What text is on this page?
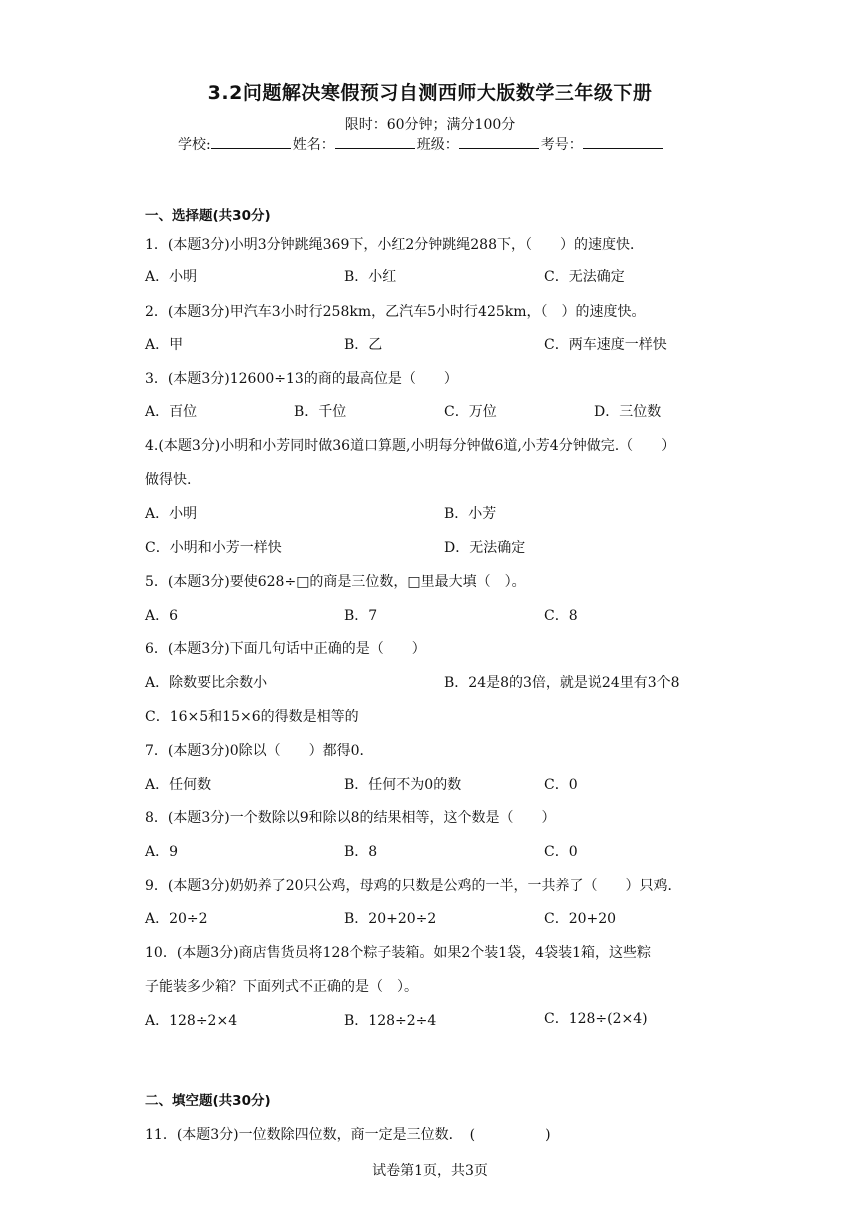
3.2问题解决寒假预习自测西师大版数学三年级下册
限时：60分钟；满分100分
学校:	姓名：	班级：	考号：
一、选择题(共30分)
1．(本题3分)小明3分钟跳绳369下，小红2分钟跳绳288下，（　　）的速度快．
A．小明	B．小红	C．无法确定
2．(本题3分)甲汽车3小时行258km，乙汽车5小时行425km，（　）的速度快。
A．甲	B．乙	C．两车速度一样快
3．(本题3分)12600÷13的商的最高位是（　　）
A．百位	B．千位	C．万位	D．三位数
4.(本题3分)小明和小芳同时做36道口算题,小明每分钟做6道,小芳4分钟做完.（　　）
做得快.
A．小明	B．小芳
C．小明和小芳一样快	D．无法确定
5．(本题3分)要使628÷□的商是三位数，□里最大填（　）。
A．6	B．7	C．8
6．(本题3分)下面几句话中正确的是（　　）
A．除数要比余数小	B．24是8的3倍，就是说24里有3个8
C．16×5和15×6的得数是相等的
7．(本题3分)0除以（　　）都得0．
A．任何数	B．任何不为0的数	C．0
8．(本题3分)一个数除以9和除以8的结果相等，这个数是（　　）
A．9	B．8	C．0
9．(本题3分)奶奶养了20只公鸡，母鸡的只数是公鸡的一半，一共养了（　　）只鸡．
A．20÷2	B．20+20÷2	C．20+20
10．(本题3分)商店售货员将128个粽子装箱。如果2个装1袋，4袋装1箱，这些粽
子能装多少箱？下面列式不正确的是（　）。
A．128÷2×4	B．128÷2÷4	C．128÷(2×4)
二、填空题(共30分)
11．(本题3分)一位数除四位数，商一定是三位数．　(　　　　　)
试卷第1页，共3页
